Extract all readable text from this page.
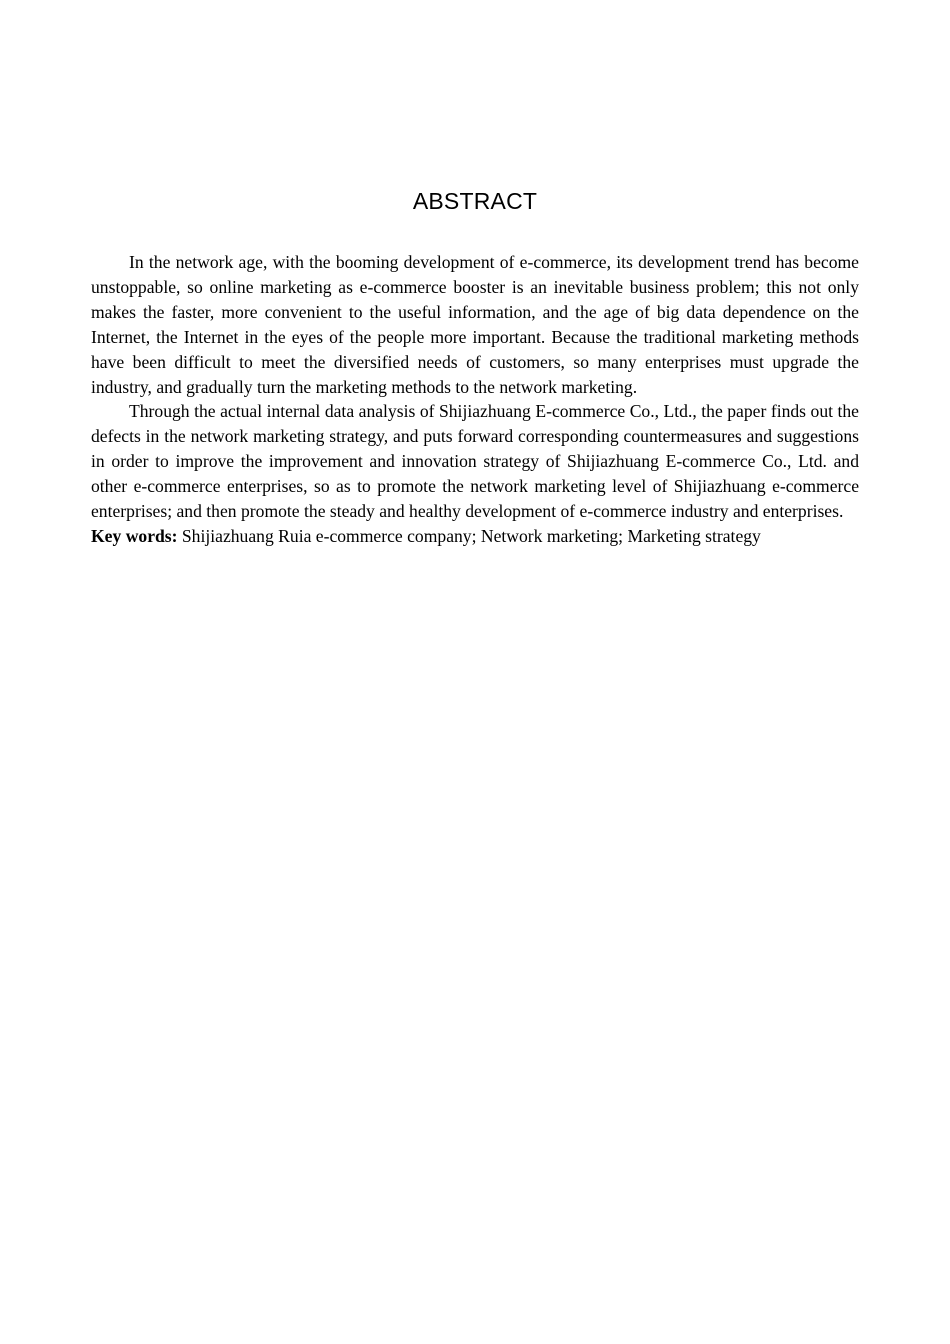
ABSTRACT

In the network age, with the booming development of e-commerce, its development trend has become unstoppable, so online marketing as e-commerce booster is an inevitable business problem; this not only makes the faster, more convenient to the useful information, and the age of big data dependence on the Internet, the Internet in the eyes of the people more important. Because the traditional marketing methods have been difficult to meet the diversified needs of customers, so many enterprises must upgrade the industry, and gradually turn the marketing methods to the network marketing.

Through the actual internal data analysis of Shijiazhuang E-commerce Co., Ltd., the paper finds out the defects in the network marketing strategy, and puts forward corresponding countermeasures and suggestions in order to improve the improvement and innovation strategy of Shijiazhuang E-commerce Co., Ltd. and other e-commerce enterprises, so as to promote the network marketing level of Shijiazhuang e-commerce enterprises; and then promote the steady and healthy development of e-commerce industry and enterprises.

Key words: Shijiazhuang Ruia e-commerce company; Network marketing; Marketing strategy
